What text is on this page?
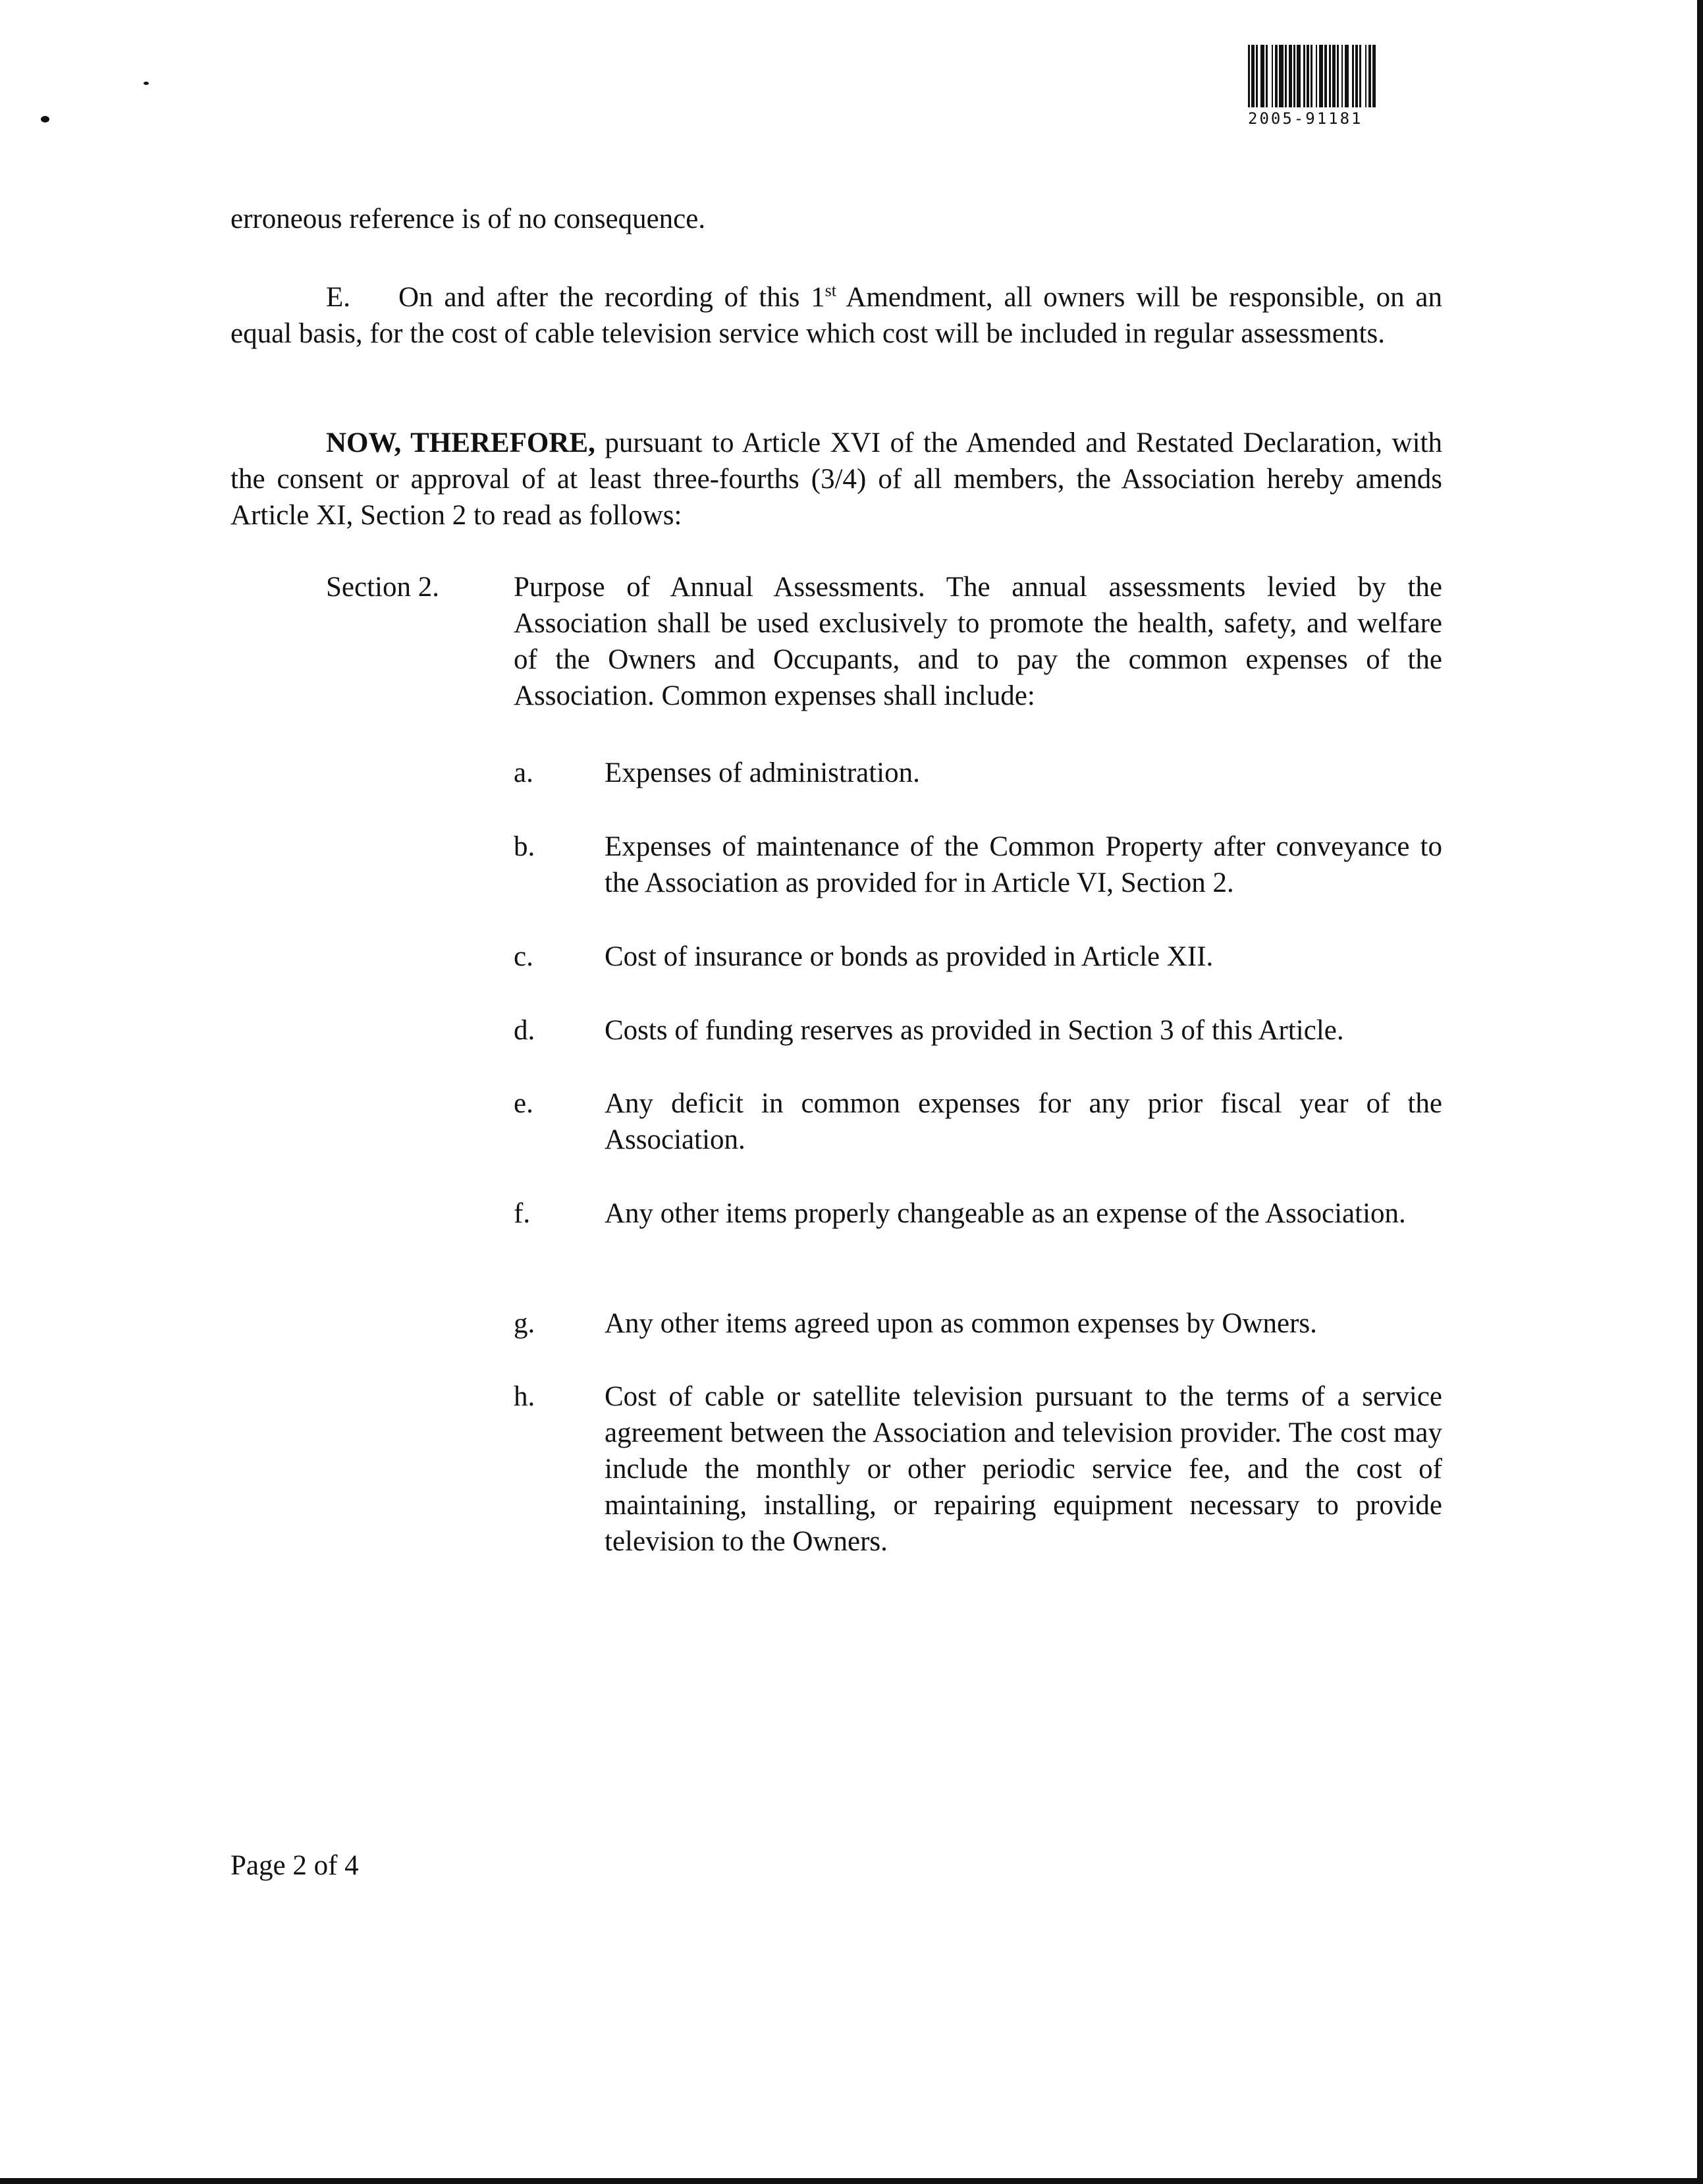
2005-91181

erroneous reference is of no consequence.

E. On and after the recording of this 1st Amendment, all owners will be responsible, on an equal basis, for the cost of cable television service which cost will be included in regular assessments.

NOW, THEREFORE, pursuant to Article XVI of the Amended and Restated Declaration, with the consent or approval of at least three-fourths (3/4) of all members, the Association hereby amends Article XI, Section 2 to read as follows:

Section 2.	Purpose of Annual Assessments. The annual assessments levied by the Association shall be used exclusively to promote the health, safety, and welfare of the Owners and Occupants, and to pay the common expenses of the Association. Common expenses shall include:

a.	Expenses of administration.

b. Expenses of maintenance of the Common Property after conveyance to the Association as provided for in Article VI, Section 2.

c.	Cost of insurance or bonds as provided in Article XII.

d. Costs of funding reserves as provided in Section 3 of this Article.

e.	Any deficit in common expenses for any prior fiscal year of the Association.

f.	Any other items properly changeable as an expense of the Association.

g. Any other items agreed upon as common expenses by Owners.

h. Cost of cable or satellite television pursuant to the terms of a service agreement between the Association and television provider. The cost may include the monthly or other periodic service fee, and the cost of maintaining, installing, or repairing equipment necessary to provide television to the Owners.

Page 2 of 4
